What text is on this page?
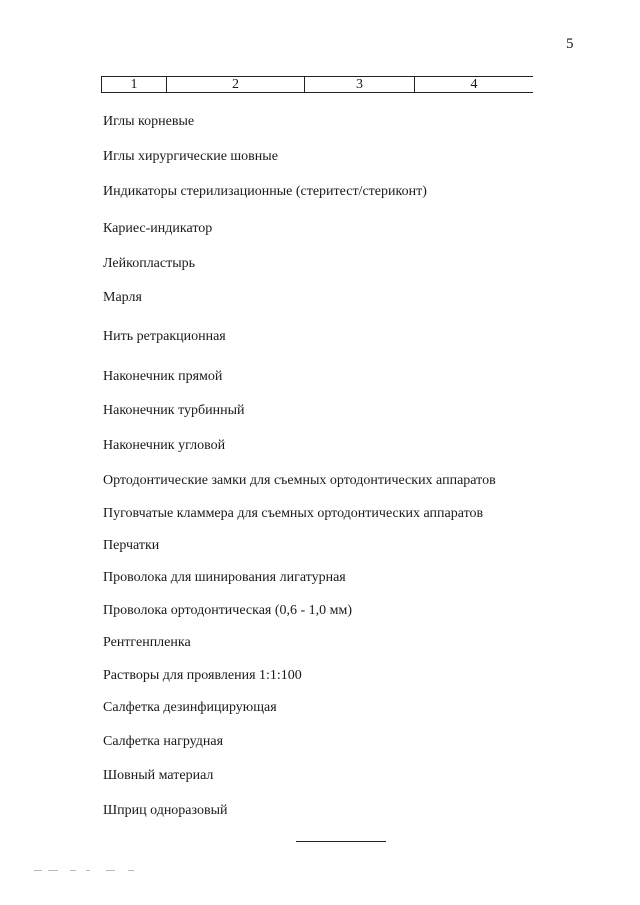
5
1	2	3	4
Иглы корневые
Иглы хирургические шовные
Индикаторы стерилизационные (стеритест/стериконт)
Кариес-индикатор
Лейкопластырь
Марля
Нить ретракционная
Наконечник прямой
Наконечник турбинный
Наконечник угловой
Ортодонтические замки для съемных ортодонтических аппаратов
Пуговчатые кламмера для съемных ортодонтических аппаратов
Перчатки
Проволока для шинирования лигатурная
Проволока ортодонтическая (0,6 - 1,0 мм)
Рентгенпленка
Растворы для проявления 1:1:100
Салфетка дезинфицирующая
Салфетка нагрудная
Шовный материал
Шприц одноразовый
